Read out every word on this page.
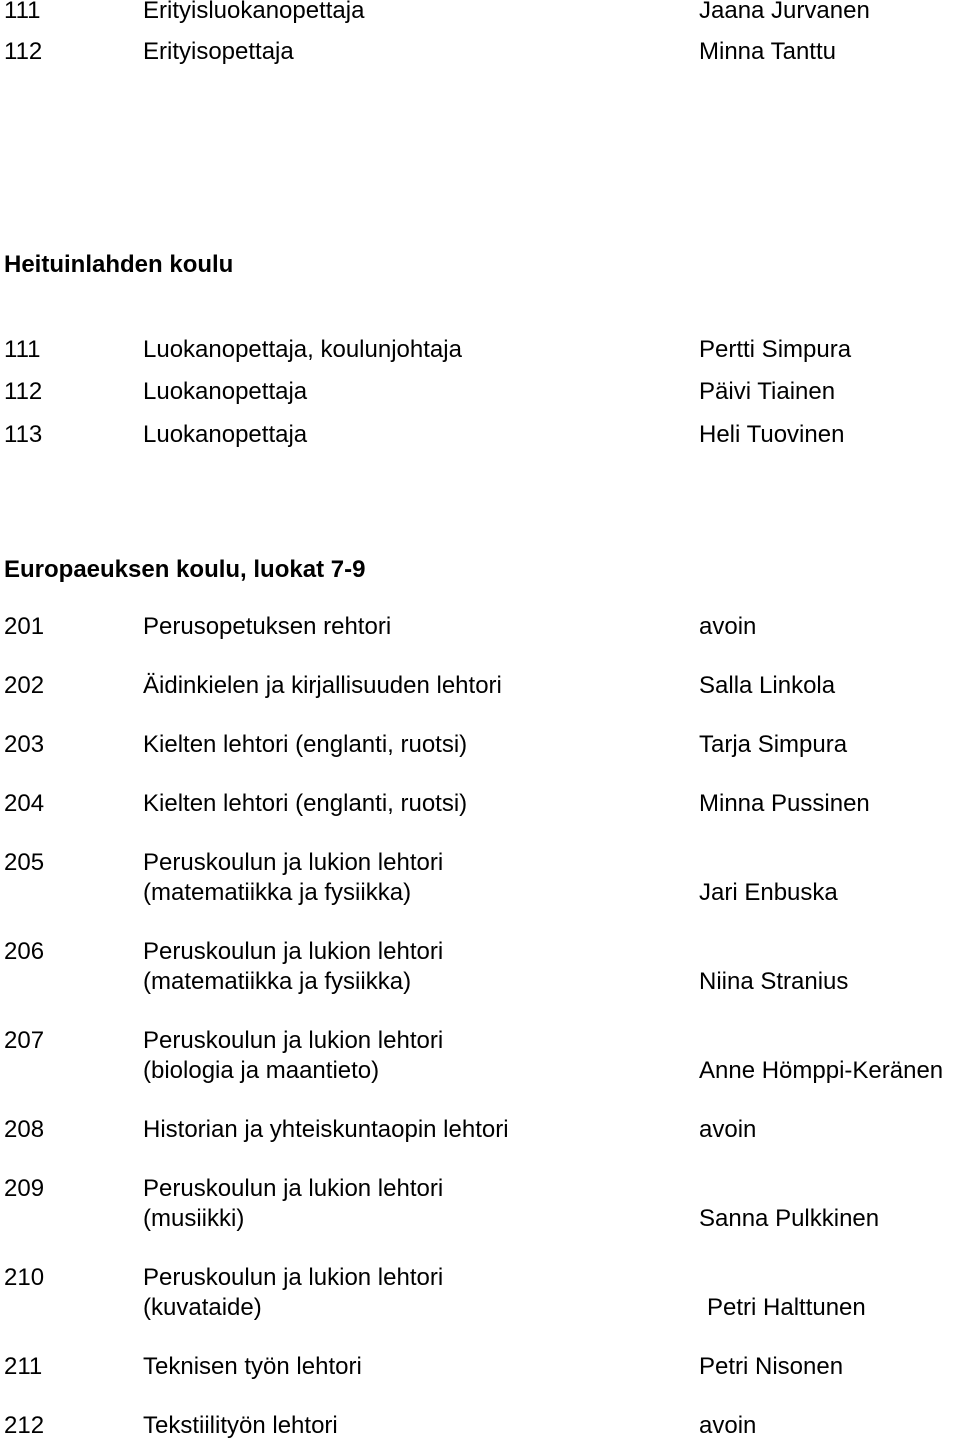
111	Erityisluokanopettaja	Jaana Jurvanen
112	Erityisopettaja	Minna Tanttu
Heituinlahden koulu
111	Luokanopettaja, koulunjohtaja	Pertti Simpura
112	Luokanopettaja	Päivi Tiainen
113	Luokanopettaja	Heli Tuovinen
Europaeuksen koulu, luokat 7-9
201	Perusopetuksen rehtori	avoin
202	Äidinkielen ja kirjallisuuden lehtori	Salla Linkola
203	Kielten lehtori (englanti, ruotsi)	Tarja Simpura
204	Kielten lehtori (englanti, ruotsi)	Minna Pussinen
205	Peruskoulun ja lukion lehtori
(matematiikka ja fysiikka)	Jari Enbuska
206	Peruskoulun ja lukion lehtori
(matematiikka ja fysiikka)	Niina Stranius
207	Peruskoulun ja lukion lehtori
(biologia ja maantieto)	Anne Hömppi-Keränen
208	Historian ja yhteiskuntaopin lehtori	avoin
209	Peruskoulun ja lukion lehtori
(musiikki)	Sanna Pulkkinen
210	Peruskoulun ja lukion lehtori
(kuvataide)	Petri Halttunen
211	Teknisen työn lehtori	Petri Nisonen
212	Tekstiilityön lehtori	avoin
